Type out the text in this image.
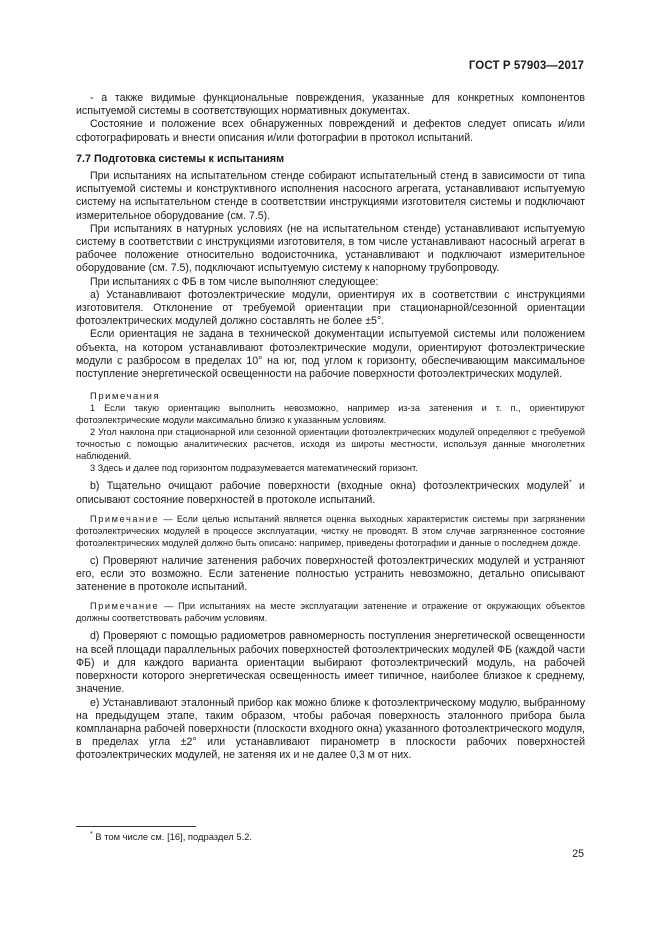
ГОСТ Р 57903—2017

- а также видимые функциональные повреждения, указанные для конкретных компонентов испытуемой системы в соответствующих нормативных документах.

Состояние и положение всех обнаруженных повреждений и дефектов следует описать и/или сфотографировать и внести описания и/или фотографии в протокол испытаний.

7.7 Подготовка системы к испытаниям

При испытаниях на испытательном стенде собирают испытательный стенд в зависимости от типа испытуемой системы и конструктивного исполнения насосного агрегата, устанавливают испытуемую систему на испытательном стенде в соответствии инструкциями изготовителя системы и подключают измерительное оборудование (см. 7.5).

При испытаниях в натурных условиях (не на испытательном стенде) устанавливают испытуемую систему в соответствии с инструкциями изготовителя, в том числе устанавливают насосный агрегат в рабочее положение относительно водоисточника, устанавливают и подключают измерительное оборудование (см. 7.5), подключают испытуемую систему к напорному трубопроводу.

При испытаниях с ФБ в том числе выполняют следующее:

а) Устанавливают фотоэлектрические модули, ориентируя их в соответствии с инструкциями изготовителя. Отклонение от требуемой ориентации при стационарной/сезонной ориентации фотоэлектрических модулей должно составлять не более ±5°.

Если ориентация не задана в технической документации испытуемой системы или положением объекта, на котором устанавливают фотоэлектрические модули, ориентируют фотоэлектрические модули с разбросом в пределах 10° на юг, под углом к горизонту, обеспечивающим максимальное поступление энергетической освещенности на рабочие поверхности фотоэлектрических модулей.

Примечания

1 Если такую ориентацию выполнить невозможно, например из-за затенения и т. п., ориентируют фотоэлектрические модули максимально близко к указанным условиям.

2 Угол наклона при стационарной или сезонной ориентации фотоэлектрических модулей определяют с требуемой точностью с помощью аналитических расчетов, исходя из широты местности, используя данные многолетних наблюдений.

3 Здесь и далее под горизонтом подразумевается математический горизонт.

b) Тщательно очищают рабочие поверхности (входные окна) фотоэлектрических модулей* и описывают состояние поверхностей в протоколе испытаний.

Примечание — Если целью испытаний является оценка выходных характеристик системы при загрязнении фотоэлектрических модулей в процессе эксплуатации, чистку не проводят. В этом случае загрязненное состояние фотоэлектрических модулей должно быть описано: например, приведены фотографии и данные о последнем дожде.

c) Проверяют наличие затенения рабочих поверхностей фотоэлектрических модулей и устраняют его, если это возможно. Если затенение полностью устранить невозможно, детально описывают затенение в протоколе испытаний.

Примечание — При испытаниях на месте эксплуатации затенение и отражение от окружающих объектов должны соответствовать рабочим условиям.

d) Проверяют с помощью радиометров равномерность поступления энергетической освещенности на всей площади параллельных рабочих поверхностей фотоэлектрических модулей ФБ (каждой части ФБ) и для каждого варианта ориентации выбирают фотоэлектрический модуль, на рабочей поверхности которого энергетическая освещенность имеет типичное, наиболее близкое к среднему, значение.

e) Устанавливают эталонный прибор как можно ближе к фотоэлектрическому модулю, выбранному на предыдущем этапе, таким образом, чтобы рабочая поверхность эталонного прибора была компланарна рабочей поверхности (плоскости входного окна) указанного фотоэлектрического модуля, в пределах угла ±2° или устанавливают пиранометр в плоскости рабочих поверхностей фотоэлектрических модулей, не затеняя их и не далее 0,3 м от них.

* В том числе см. [16], подраздел 5.2.
25
